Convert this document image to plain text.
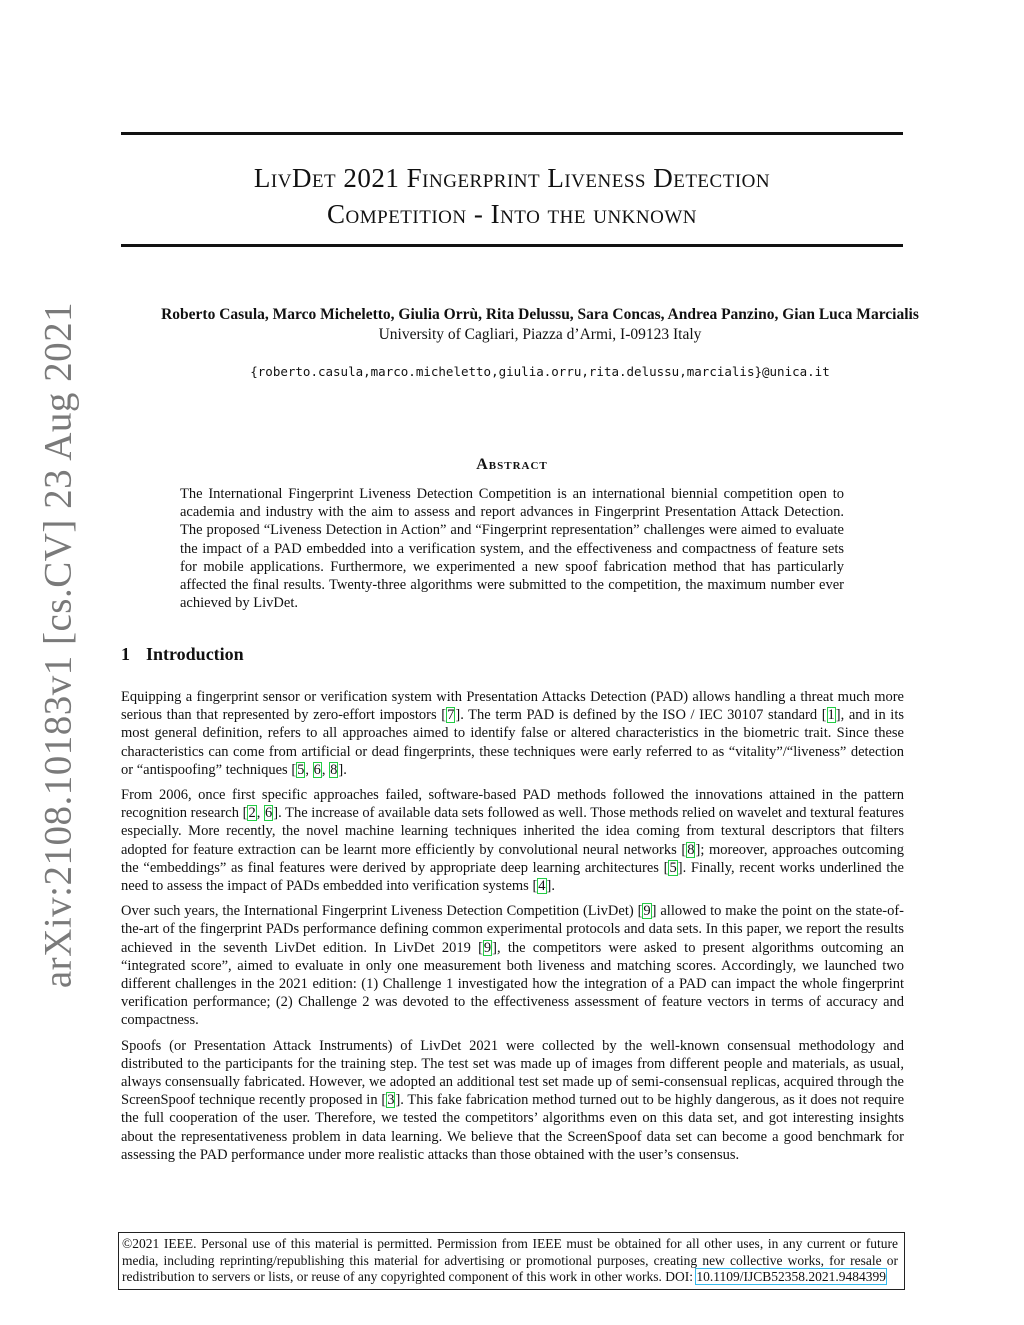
arXiv:2108.10183v1 [cs.CV] 23 Aug 2021
LivDet 2021 Fingerprint Liveness Detection
Competition - Into the unknown
Roberto Casula, Marco Micheletto, Giulia Orrù, Rita Delussu, Sara Concas, Andrea Panzino, Gian Luca Marcialis
University of Cagliari, Piazza d’Armi, I-09123 Italy
{roberto.casula,marco.micheletto,giulia.orru,rita.delussu,marcialis}@unica.it
Abstract
The International Fingerprint Liveness Detection Competition is an international biennial competition open to academia and industry with the aim to assess and report advances in Fingerprint Presentation Attack Detection. The proposed “Liveness Detection in Action” and “Fingerprint representation” challenges were aimed to evaluate the impact of a PAD embedded into a verification system, and the effectiveness and compactness of feature sets for mobile applications. Furthermore, we experimented a new spoof fabrication method that has particularly affected the final results. Twenty-three algorithms were submitted to the competition, the maximum number ever achieved by LivDet.
1 Introduction

Equipping a fingerprint sensor or verification system with Presentation Attacks Detection (PAD) allows handling a threat much more serious than that represented by zero-effort impostors [7]. The term PAD is defined by the ISO / IEC 30107 standard [1], and in its most general definition, refers to all approaches aimed to identify false or altered characteristics in the biometric trait. Since these characteristics can come from artificial or dead fingerprints, these techniques were early referred to as “vitality”/“liveness” detection or “antispoofing” techniques [5, 6, 8].

From 2006, once first specific approaches failed, software-based PAD methods followed the innovations attained in the pattern recognition research [2, 6]. The increase of available data sets followed as well. Those methods relied on wavelet and textural features especially. More recently, the novel machine learning techniques inherited the idea coming from textural descriptors that filters adopted for feature extraction can be learnt more efficiently by convolutional neural networks [8]; moreover, approaches outcoming the “embeddings” as final features were derived by appropriate deep learning architectures [5]. Finally, recent works underlined the need to assess the impact of PADs embedded into verification systems [4].

Over such years, the International Fingerprint Liveness Detection Competition (LivDet) [9] allowed to make the point on the state-of-the-art of the fingerprint PADs performance defining common experimental protocols and data sets. In this paper, we report the results achieved in the seventh LivDet edition. In LivDet 2019 [9], the competitors were asked to present algorithms outcoming an “integrated score”, aimed to evaluate in only one measurement both liveness and matching scores. Accordingly, we launched two different challenges in the 2021 edition: (1) Challenge 1 investigated how the integration of a PAD can impact the whole fingerprint verification performance; (2) Challenge 2 was devoted to the effectiveness assessment of feature vectors in terms of accuracy and compactness.

Spoofs (or Presentation Attack Instruments) of LivDet 2021 were collected by the well-known consensual methodology and distributed to the participants for the training step. The test set was made up of images from different people and materials, as usual, always consensually fabricated. However, we adopted an additional test set made up of semi-consensual replicas, acquired through the ScreenSpoof technique recently proposed in [3]. This fake fabrication method turned out to be highly dangerous, as it does not require the full cooperation of the user. Therefore, we tested the competitors’ algorithms even on this data set, and got interesting insights about the representativeness problem in data learning. We believe that the ScreenSpoof data set can become a good benchmark for assessing the PAD performance under more realistic attacks than those obtained with the user’s consensus.

©2021 IEEE. Personal use of this material is permitted. Permission from IEEE must be obtained for all other uses, in any current or future media, including reprinting/republishing this material for advertising or promotional purposes, creating new collective works, for resale or redistribution to servers or lists, or reuse of any copyrighted component of this work in other works. DOI: 10.1109/IJCB52358.2021.9484399
